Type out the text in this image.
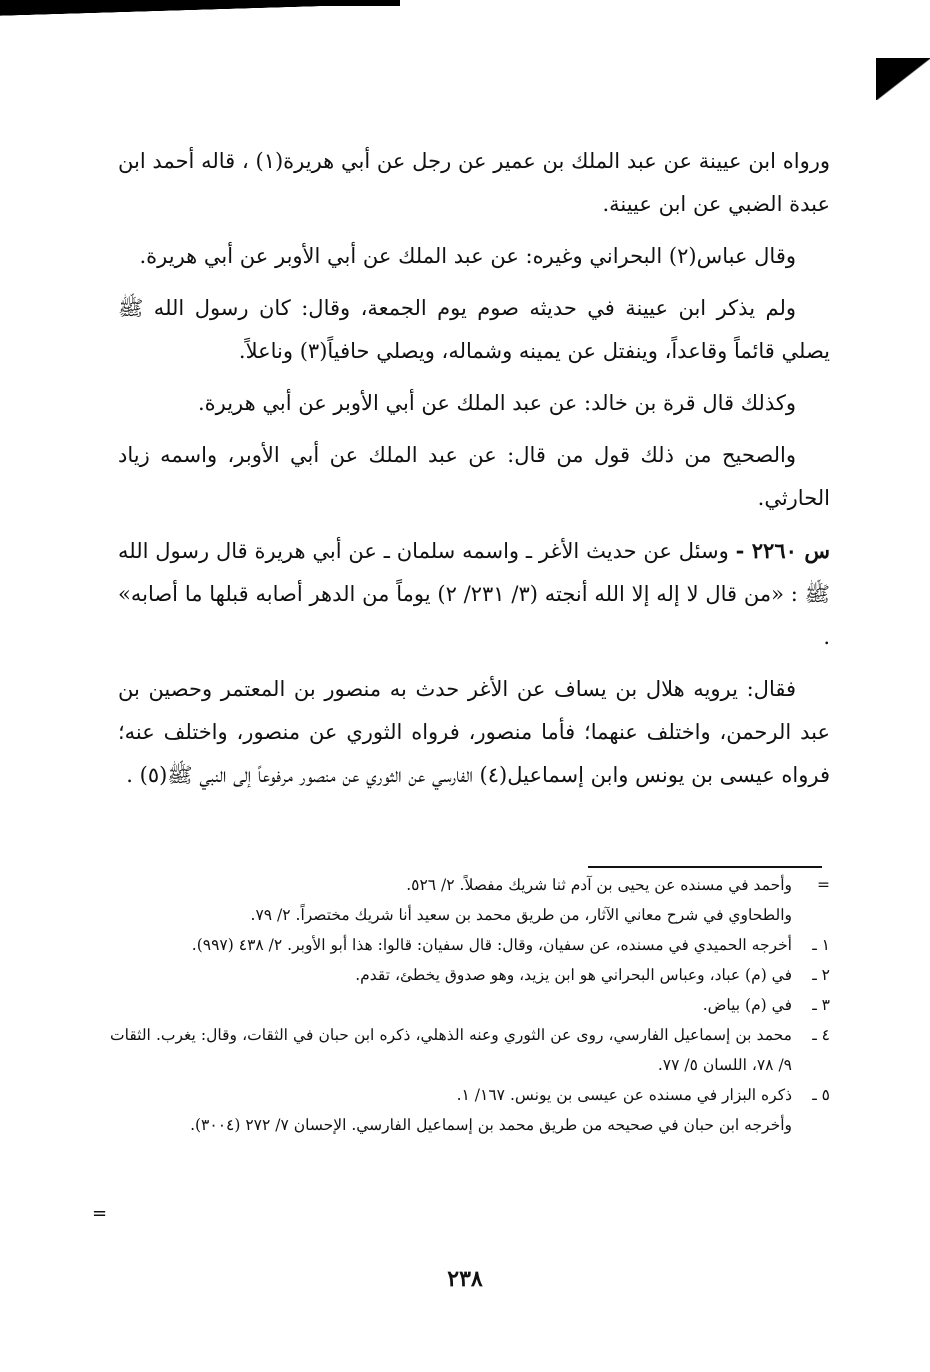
ورواه ابن عيينة عن عبد الملك بن عمير عن رجل عن أبي هريرة(١) ، قاله أحمد ابن عبدة الضبي عن ابن عيينة.

وقال عباس(٢) البحراني وغيره: عن عبد الملك عن أبي الأوبر عن أبي هريرة.

ولم يذكر ابن عيينة في حديثه صوم يوم الجمعة، وقال: كان رسول الله ﷺ يصلي قائماً وقاعداً، وينفتل عن يمينه وشماله، ويصلي حافياً(٣) وناعلاً.

وكذلك قال قرة بن خالد: عن عبد الملك عن أبي الأوبر عن أبي هريرة.

والصحيح من ذلك قول من قال: عن عبد الملك عن أبي الأوبر، واسمه زياد الحارثي.

س ٢٢٦٠ - وسئل عن حديث الأغر ـ واسمه سلمان ـ عن أبي هريرة قال رسول الله ﷺ : «من قال لا إله إلا الله أنجته (٣/ ٢٣١/ ٢) يوماً من الدهر أصابه قبلها ما أصابه» .

فقال: يرويه هلال بن يساف عن الأغر حدث به منصور بن المعتمر وحصين بن عبد الرحمن، واختلف عنهما؛ فأما منصور، فرواه الثوري عن منصور، واختلف عنه؛ فرواه عيسى بن يونس وابن إسماعيل(٤) الفارسي عن الثوري عن منصور مرفوعاً إلى النبي ﷺ(٥) .

=
وأحمد في مسنده عن يحيى بن آدم ثنا شريك مفصلاً. ٢/ ٥٢٦.
والطحاوي في شرح معاني الآثار، من طريق محمد بن سعيد أنا شريك مختصراً. ٢/ ٧٩.
١ ـ
أخرجه الحميدي في مسنده، عن سفيان، وقال: قال سفيان: قالوا: هذا أبو الأوبر. ٢/ ٤٣٨ (٩٩٧).
٢ ـ
في (م) عباد، وعباس البحراني هو ابن يزيد، وهو صدوق يخطئ، تقدم.
٣ ـ
في (م) بياض.
٤ ـ
محمد بن إسماعيل الفارسي، روى عن الثوري وعنه الذهلي، ذكره ابن حبان في الثقات، وقال: يغرب. الثقات ٩/ ٧٨، اللسان ٥/ ٧٧.
٥ ـ
ذكره البزار في مسنده عن عيسى بن يونس. ١٦٧/ ١.
وأخرجه ابن حبان في صحيحه من طريق محمد بن إسماعيل الفارسي. الإحسان ٧/ ٢٧٢ (٣٠٠٤).
=
٢٣٨
